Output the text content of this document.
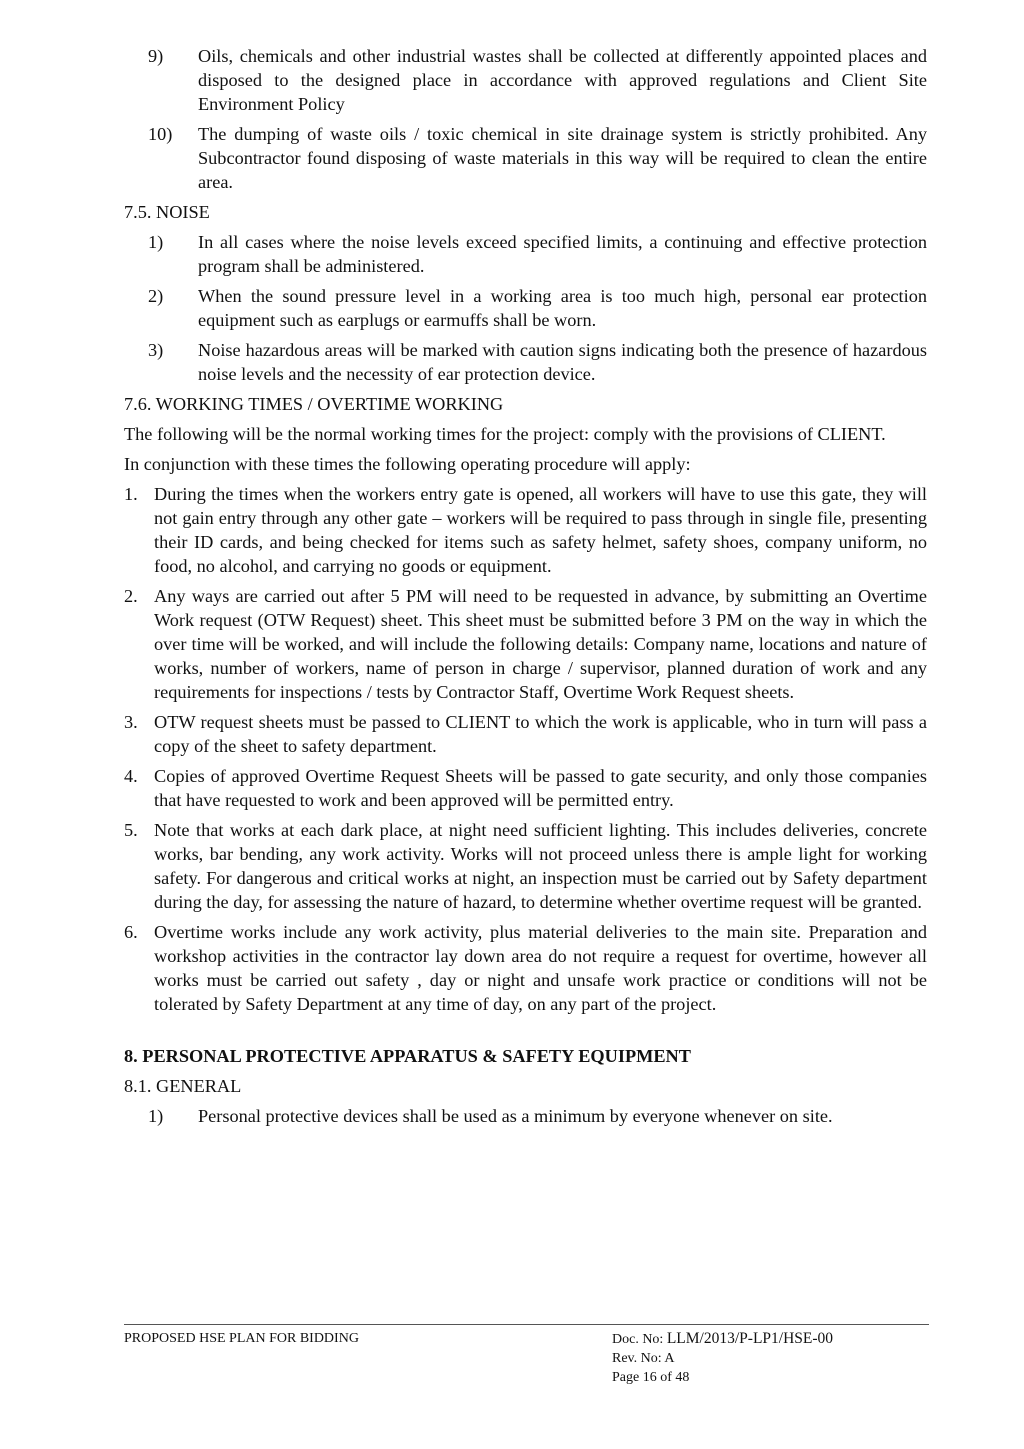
9)	Oils, chemicals and other industrial wastes shall be collected at differently appointed places and disposed to the designed place in accordance with approved regulations and Client Site Environment Policy
10)	The dumping of waste oils / toxic chemical in site drainage system is strictly prohibited. Any Subcontractor found disposing of waste materials in this way will be required to clean the entire area.
7.5. NOISE
1)	In all cases where the noise levels exceed specified limits, a continuing and effective protection program shall be administered.
2)	When the sound pressure level in a working area is too much high, personal ear protection equipment such as earplugs or earmuffs shall be worn.
3)	Noise hazardous areas will be marked with caution signs indicating both the presence of hazardous noise levels and the necessity of ear protection device.
7.6. WORKING TIMES / OVERTIME WORKING
The following will be the normal working times for the project: comply with the provisions of CLIENT.
In conjunction with these times the following operating procedure will apply:
1. During the times when the workers entry gate is opened, all workers will have to use this gate, they will not gain entry through any other gate – workers will be required to pass through in single file, presenting their ID cards, and being checked for items such as safety helmet, safety shoes, company uniform, no food, no alcohol, and carrying no goods or equipment.
2. Any ways are carried out after 5 PM will need to be requested in advance, by submitting an Overtime Work request (OTW Request) sheet. This sheet must be submitted before 3 PM on the way in which the over time will be worked, and will include the following details: Company name, locations and nature of works, number of workers, name of person in charge / supervisor, planned duration of work and any requirements for inspections / tests by Contractor Staff, Overtime Work Request sheets.
3. OTW request sheets must be passed to CLIENT to which the work is applicable, who in turn will pass a copy of the sheet to safety department.
4. Copies of approved Overtime Request Sheets will be passed to gate security, and only those companies that have requested to work and been approved will be permitted entry.
5. Note that works at each dark place, at night need sufficient lighting. This includes deliveries, concrete works, bar bending, any work activity. Works will not proceed unless there is ample light for working safety. For dangerous and critical works at night, an inspection must be carried out by Safety department during the day, for assessing the nature of hazard, to determine whether overtime request will be granted.
6. Overtime works include any work activity, plus material deliveries to the main site. Preparation and workshop activities in the contractor lay down area do not require a request for overtime, however all works must be carried out safety , day or night and unsafe work practice or conditions will not be tolerated by Safety Department at any time of day, on any part of the project.
8. PERSONAL PROTECTIVE APPARATUS & SAFETY EQUIPMENT
8.1. GENERAL
1)	Personal protective devices shall be used as a minimum by everyone whenever on site.
PROPOSED HSE PLAN FOR BIDDING	Doc. No: LLM/2013/P-LP1/HSE-00
Rev. No: A
Page 16 of 48
